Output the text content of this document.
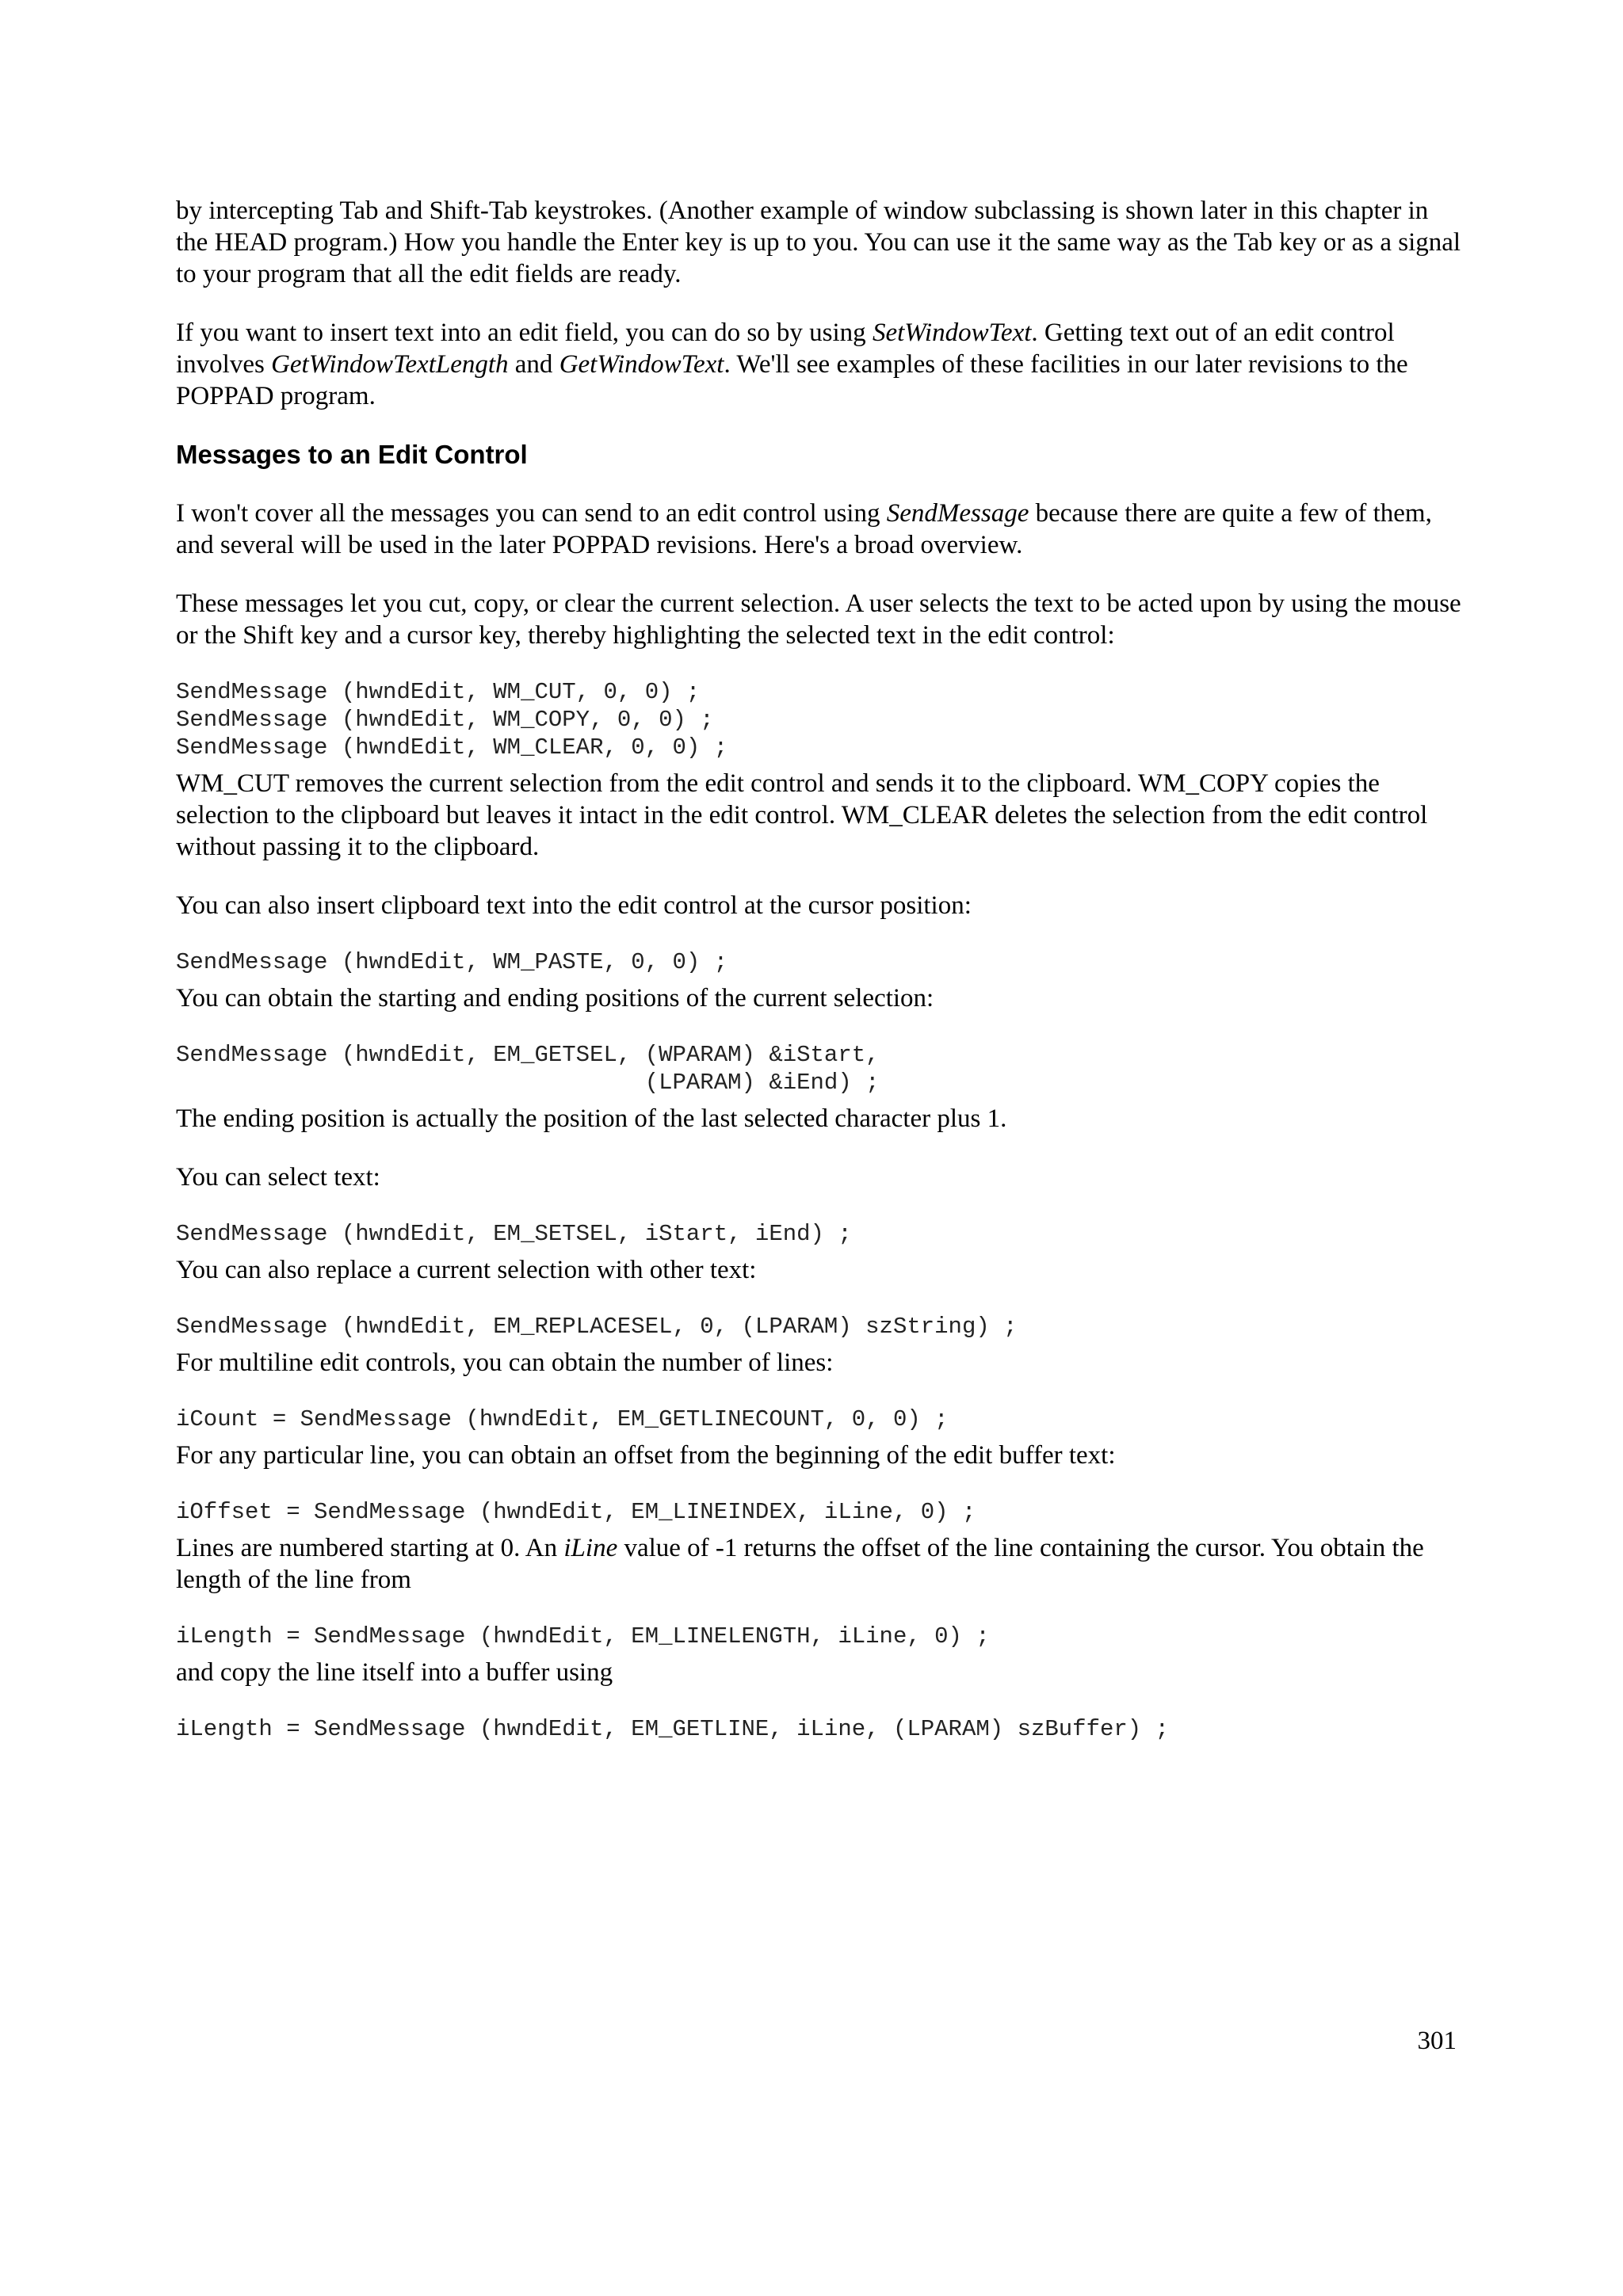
by intercepting Tab and Shift-Tab keystrokes. (Another example of window subclassing is shown later in this chapter in the HEAD program.) How you handle the Enter key is up to you. You can use it the same way as the Tab key or as a signal to your program that all the edit fields are ready.

If you want to insert text into an edit field, you can do so by using SetWindowText. Getting text out of an edit control involves GetWindowTextLength and GetWindowText. We'll see examples of these facilities in our later revisions to the POPPAD program.

Messages to an Edit Control

I won't cover all the messages you can send to an edit control using SendMessage because there are quite a few of them, and several will be used in the later POPPAD revisions. Here's a broad overview.

These messages let you cut, copy, or clear the current selection. A user selects the text to be acted upon by using the mouse or the Shift key and a cursor key, thereby highlighting the selected text in the edit control:

SendMessage (hwndEdit, WM_CUT, 0, 0) ;
SendMessage (hwndEdit, WM_COPY, 0, 0) ;
SendMessage (hwndEdit, WM_CLEAR, 0, 0) ;

WM_CUT removes the current selection from the edit control and sends it to the clipboard. WM_COPY copies the selection to the clipboard but leaves it intact in the edit control. WM_CLEAR deletes the selection from the edit control without passing it to the clipboard.

You can also insert clipboard text into the edit control at the cursor position:

SendMessage (hwndEdit, WM_PASTE, 0, 0) ;

You can obtain the starting and ending positions of the current selection:

SendMessage (hwndEdit, EM_GETSEL, (WPARAM) &iStart,
(LPARAM) &iEnd) ;

The ending position is actually the position of the last selected character plus 1.

You can select text:

SendMessage (hwndEdit, EM_SETSEL, iStart, iEnd) ;

You can also replace a current selection with other text:

SendMessage (hwndEdit, EM_REPLACESEL, 0, (LPARAM) szString) ;

For multiline edit controls, you can obtain the number of lines:

iCount = SendMessage (hwndEdit, EM_GETLINECOUNT, 0, 0) ;

For any particular line, you can obtain an offset from the beginning of the edit buffer text:

iOffset = SendMessage (hwndEdit, EM_LINEINDEX, iLine, 0) ;

Lines are numbered starting at 0. An iLine value of -1 returns the offset of the line containing the cursor. You obtain the length of the line from

iLength = SendMessage (hwndEdit, EM_LINELENGTH, iLine, 0) ;

and copy the line itself into a buffer using

iLength = SendMessage (hwndEdit, EM_GETLINE, iLine, (LPARAM) szBuffer) ;
301
